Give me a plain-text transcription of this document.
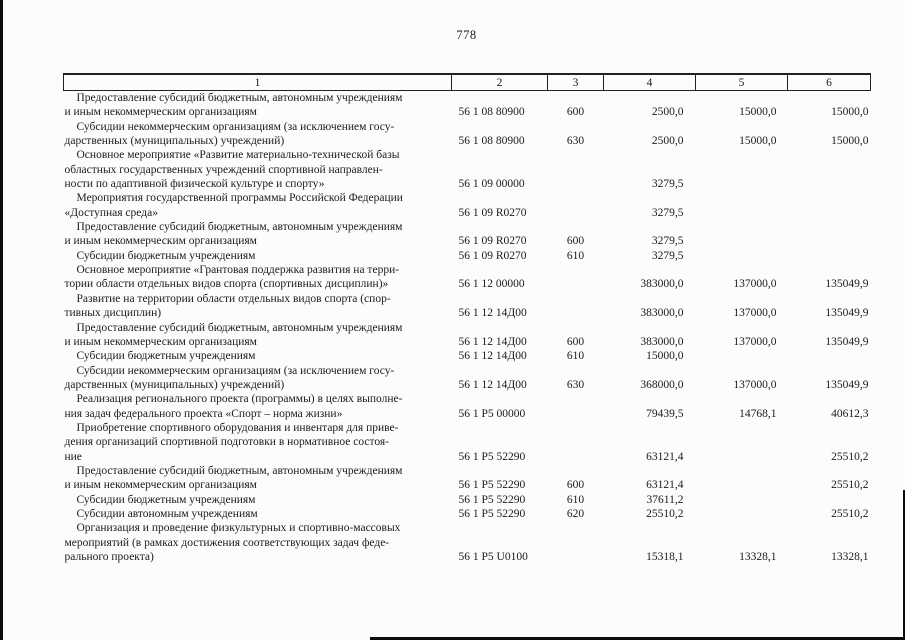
778
1	2	3	4	5	6
Предоставление субсидий бюджетным, автономным учреждениям
и иным некоммерческим организациям	56 1 08 80900	600	2500,0	15000,0	15000,0
Субсидии некоммерческим организациям (за исключением госу-
дарственных (муниципальных) учреждений)	56 1 08 80900	630	2500,0	15000,0	15000,0
Основное мероприятие «Развитие материально-технической базы
областных государственных учреждений спортивной направлен-
ности по адаптивной физической культуре и спорту»	56 1 09 00000		3279,5		
Мероприятия государственной программы Российской Федерации
«Доступная среда»	56 1 09 R0270		3279,5		
Предоставление субсидий бюджетным, автономным учреждениям
и иным некоммерческим организациям	56 1 09 R0270	600	3279,5		
Субсидии бюджетным учреждениям	56 1 09 R0270	610	3279,5		
Основное мероприятие «Грантовая поддержка развития на терри-
тории области отдельных видов спорта (спортивных дисциплин)»	56 1 12 00000		383000,0	137000,0	135049,9
Развитие на территории области отдельных видов спорта (спор-
тивных дисциплин)	56 1 12 14Д00		383000,0	137000,0	135049,9
Предоставление субсидий бюджетным, автономным учреждениям
и иным некоммерческим организациям	56 1 12 14Д00	600	383000,0	137000,0	135049,9
Субсидии бюджетным учреждениям	56 1 12 14Д00	610	15000,0		
Субсидии некоммерческим организациям (за исключением госу-
дарственных (муниципальных) учреждений)	56 1 12 14Д00	630	368000,0	137000,0	135049,9
Реализация регионального проекта (программы) в целях выполне-
ния задач федерального проекта «Спорт – норма жизни»	56 1 P5 00000		79439,5	14768,1	40612,3
Приобретение спортивного оборудования и инвентаря для приве-
дения организаций спортивной подготовки в нормативное состоя-
ние	56 1 P5 52290		63121,4		25510,2
Предоставление субсидий бюджетным, автономным учреждениям
и иным некоммерческим организациям	56 1 P5 52290	600	63121,4		25510,2
Субсидии бюджетным учреждениям	56 1 P5 52290	610	37611,2		
Субсидии автономным учреждениям	56 1 P5 52290	620	25510,2		25510,2
Организация и проведение физкультурных и спортивно-массовых
мероприятий (в рамках достижения соответствующих задач феде-
рального проекта)	56 1 P5 U0100		15318,1	13328,1	13328,1
